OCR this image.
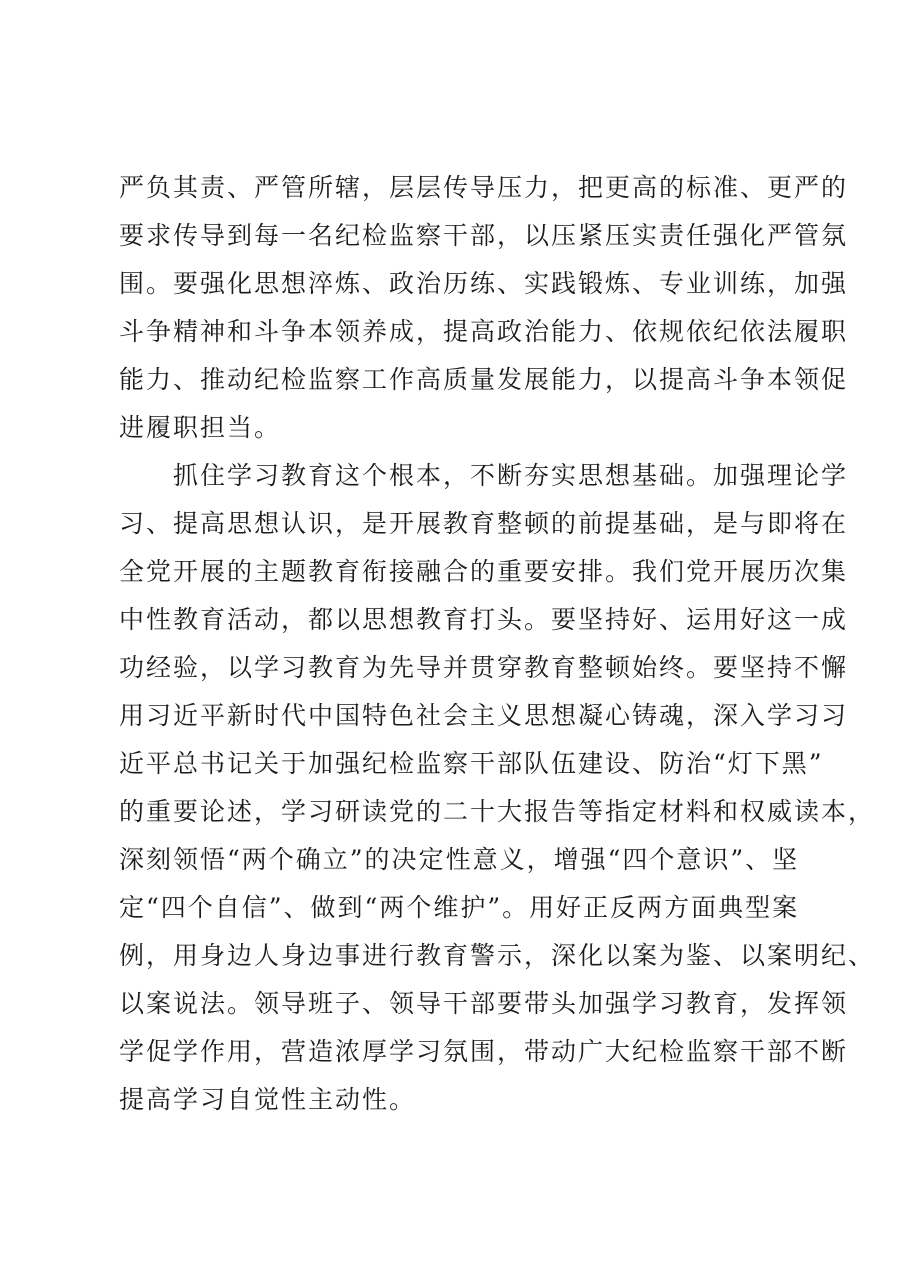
严负其责、严管所辖，层层传导压力，把更高的标准、更严的
要求传导到每一名纪检监察干部，以压紧压实责任强化严管氛
围。要强化思想淬炼、政治历练、实践锻炼、专业训练，加强
斗争精神和斗争本领养成，提高政治能力、依规依纪依法履职
能力、推动纪检监察工作高质量发展能力，以提高斗争本领促
进履职担当。
　　抓住学习教育这个根本，不断夯实思想基础。加强理论学
习、提高思想认识，是开展教育整顿的前提基础，是与即将在
全党开展的主题教育衔接融合的重要安排。我们党开展历次集
中性教育活动，都以思想教育打头。要坚持好、运用好这一成
功经验，以学习教育为先导并贯穿教育整顿始终。要坚持不懈
用习近平新时代中国特色社会主义思想凝心铸魂，深入学习习
近平总书记关于加强纪检监察干部队伍建设、防治“灯下黑”
的重要论述，学习研读党的二十大报告等指定材料和权威读本，
深刻领悟“两个确立”的决定性意义，增强“四个意识”、坚
定“四个自信”、做到“两个维护”。用好正反两方面典型案
例，用身边人身边事进行教育警示，深化以案为鉴、以案明纪、
以案说法。领导班子、领导干部要带头加强学习教育，发挥领
学促学作用，营造浓厚学习氛围，带动广大纪检监察干部不断
提高学习自觉性主动性。
